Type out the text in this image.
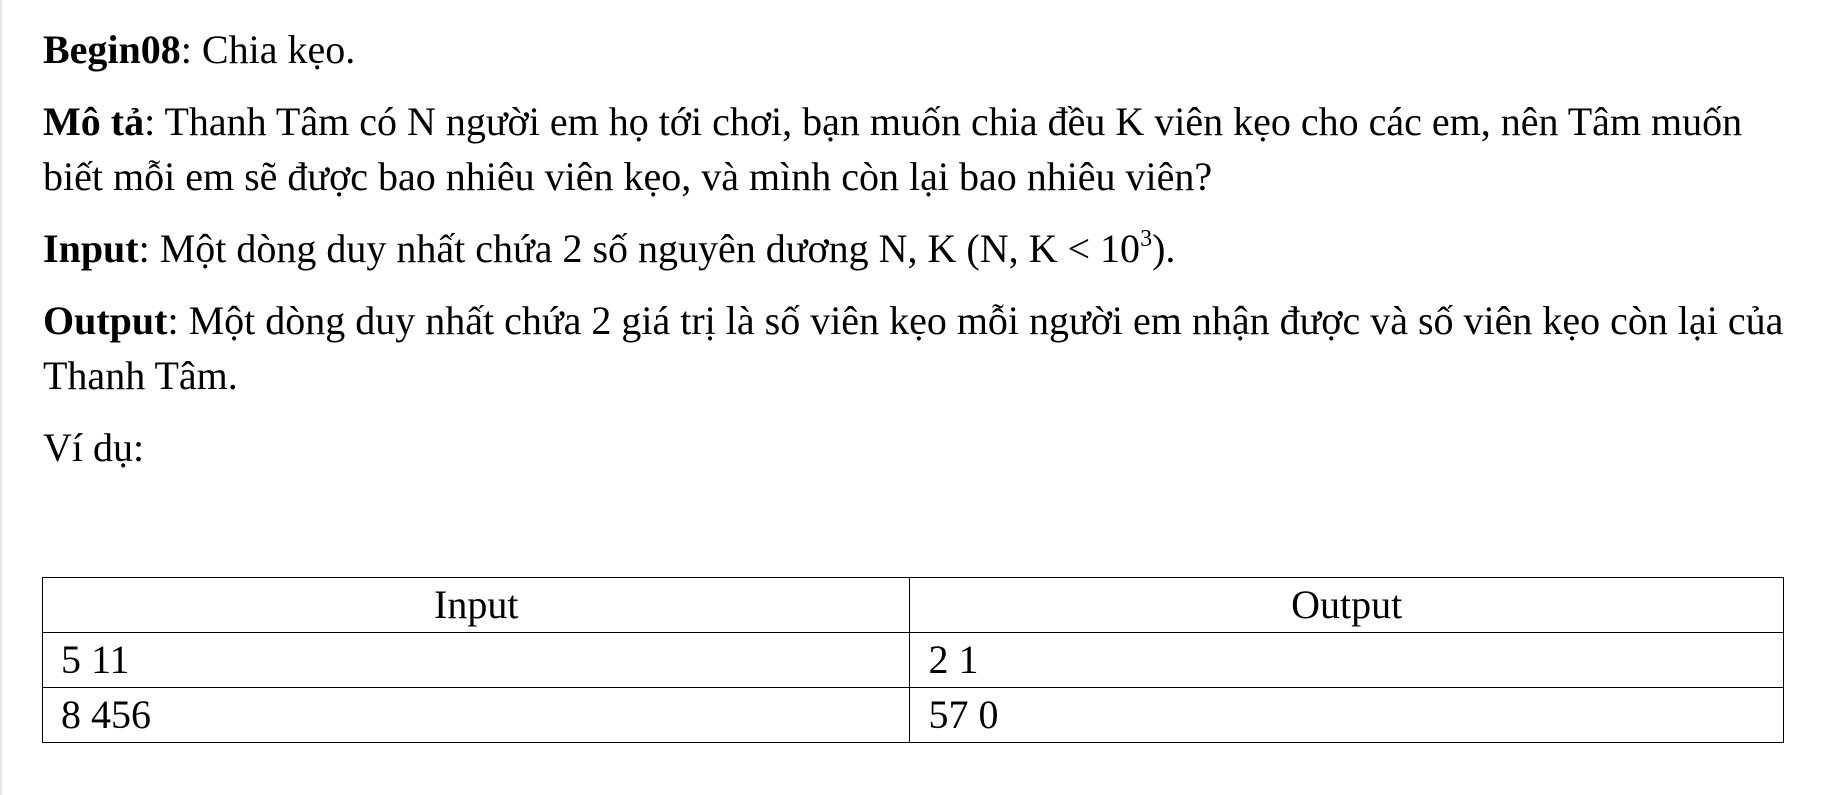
Begin08: Chia kẹo.

Mô tả: Thanh Tâm có N người em họ tới chơi, bạn muốn chia đều K viên kẹo cho các em, nên Tâm muốn biết mỗi em sẽ được bao nhiêu viên kẹo, và mình còn lại bao nhiêu viên?

Input: Một dòng duy nhất chứa 2 số nguyên dương N, K (N, $K < 10^3$).

Output: Một dòng duy nhất chứa 2 giá trị là số viên kẹo mỗi người em nhận được và số viên kẹo còn lại của Thanh Tâm.

Ví dụ:

Input	Output
5 11	2 1
8 456	57 0
